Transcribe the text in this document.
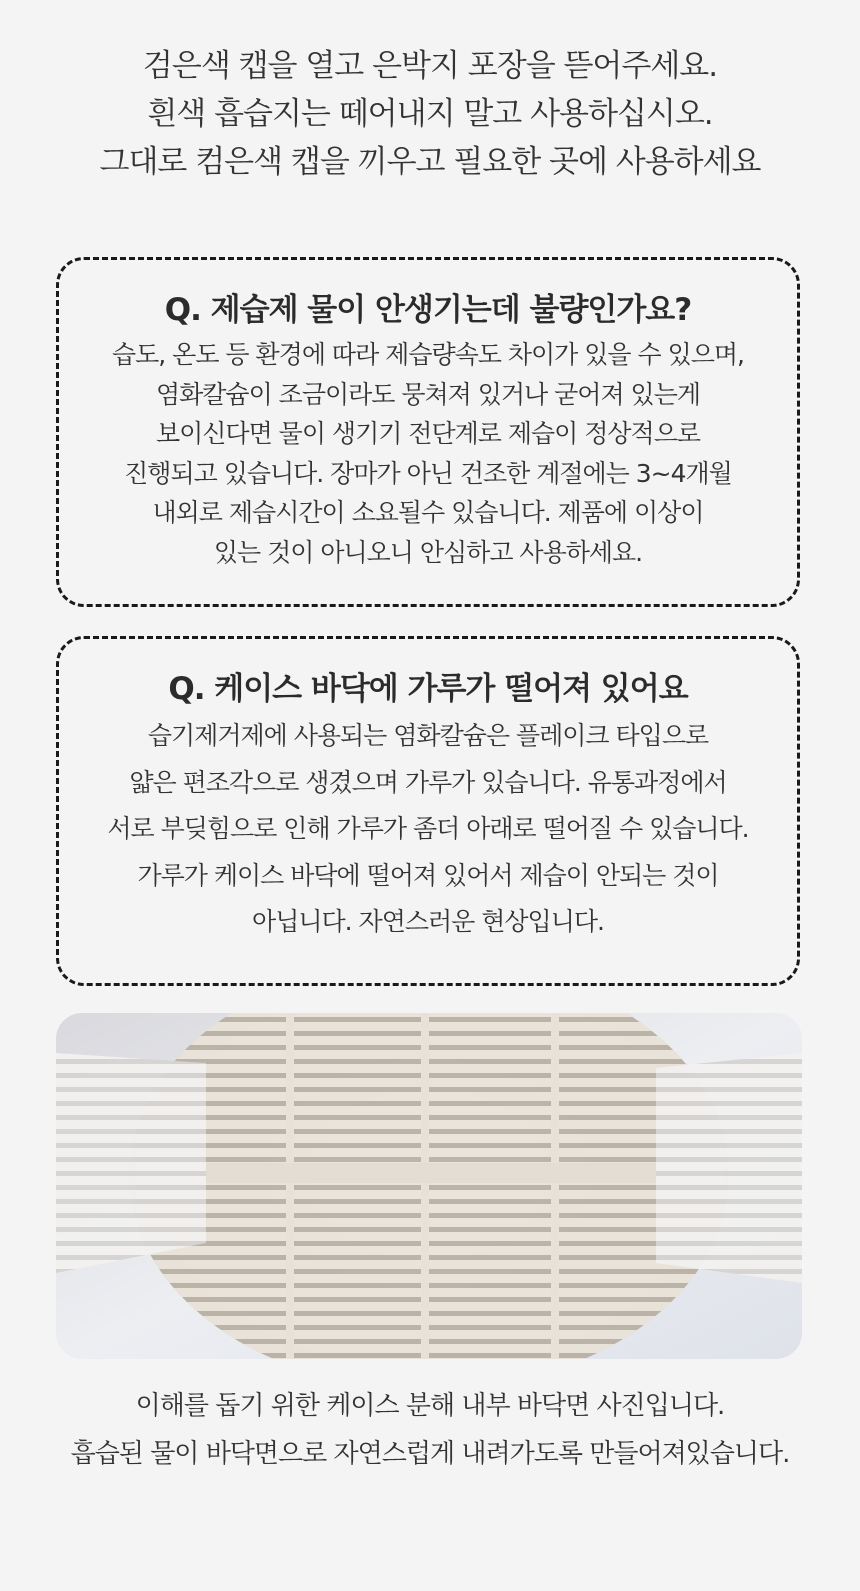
검은색 캡을 열고 은박지 포장을 뜯어주세요.
흰색 흡습지는 떼어내지 말고 사용하십시오.
그대로 컴은색 캡을 끼우고 필요한 곳에 사용하세요
Q. 제습제 물이 안생기는데 불량인가요?
습도, 온도 등 환경에 따라 제습량속도 차이가 있을 수 있으며,
염화칼슘이 조금이라도 뭉쳐져 있거나 굳어져 있는게
보이신다면 물이 생기기 전단계로 제습이 정상적으로
진행되고 있습니다. 장마가 아닌 건조한 계절에는 3~4개월
내외로 제습시간이 소요될수 있습니다. 제품에 이상이
있는 것이 아니오니 안심하고 사용하세요.
Q. 케이스 바닥에 가루가 떨어져 있어요
습기제거제에 사용되는 염화칼슘은 플레이크 타입으로
얇은 편조각으로 생겼으며 가루가 있습니다. 유통과정에서
서로 부딪힘으로 인해 가루가 좀더 아래로 떨어질 수 있습니다.
가루가 케이스 바닥에 떨어져 있어서 제습이 안되는 것이
아닙니다. 자연스러운 현상입니다.
이해를 돕기 위한 케이스 분해 내부 바닥면 사진입니다.
흡습된 물이 바닥면으로 자연스럽게 내려가도록 만들어져있습니다.
